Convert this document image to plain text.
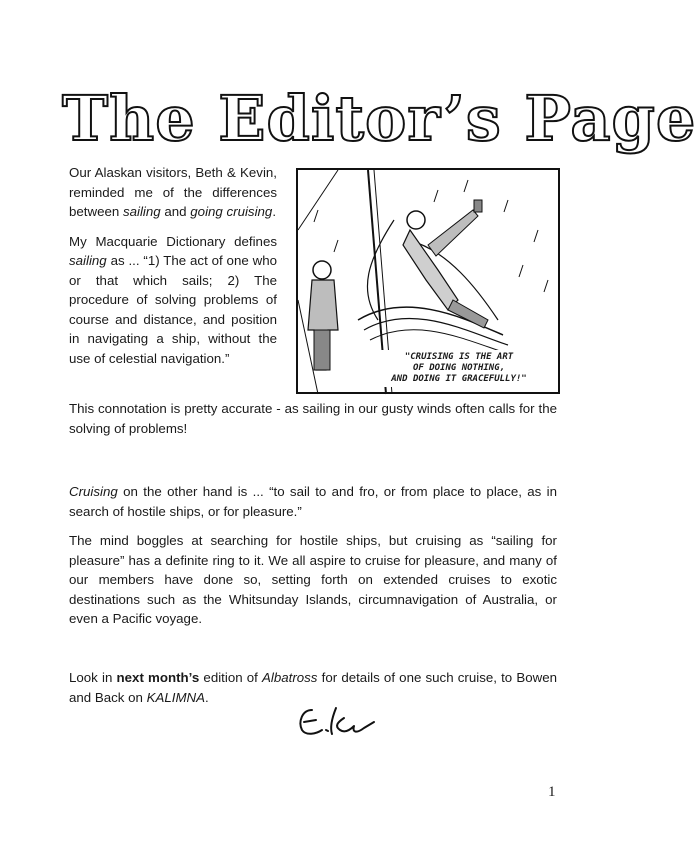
The Editor’s Page

Our Alaskan visitors, Beth & Kevin, reminded me of the differences between sailing and going cruising.

My Macquarie Dictionary defines sailing as ... “1) The act of one who or that which sails; 2) The procedure of solving problems of course and distance, and position in navigating a ship, without the use of celestial navigation.”	"CRUISING IS THE ART
OF DOING NOTHING,
AND DOING IT GRACEFULLY!"
This connotation is pretty accurate - as sailing in our gusty winds often calls for the solving of problems!
Cruising on the other hand is ... “to sail to and fro, or from place to place, as in search of hostile ships, or for pleasure.”
The mind boggles at searching for hostile ships, but cruising as “sailing for pleasure” has a definite ring to it. We all aspire to cruise for pleasure, and many of our members have done so, setting forth on extended cruises to exotic destinations such as the Whitsunday Islands, circumnavigation of Australia, or even a Pacific voyage.
Look in next month’s edition of Albatross for details of one such cruise, to Bowen and Back on KALIMNA.
1
